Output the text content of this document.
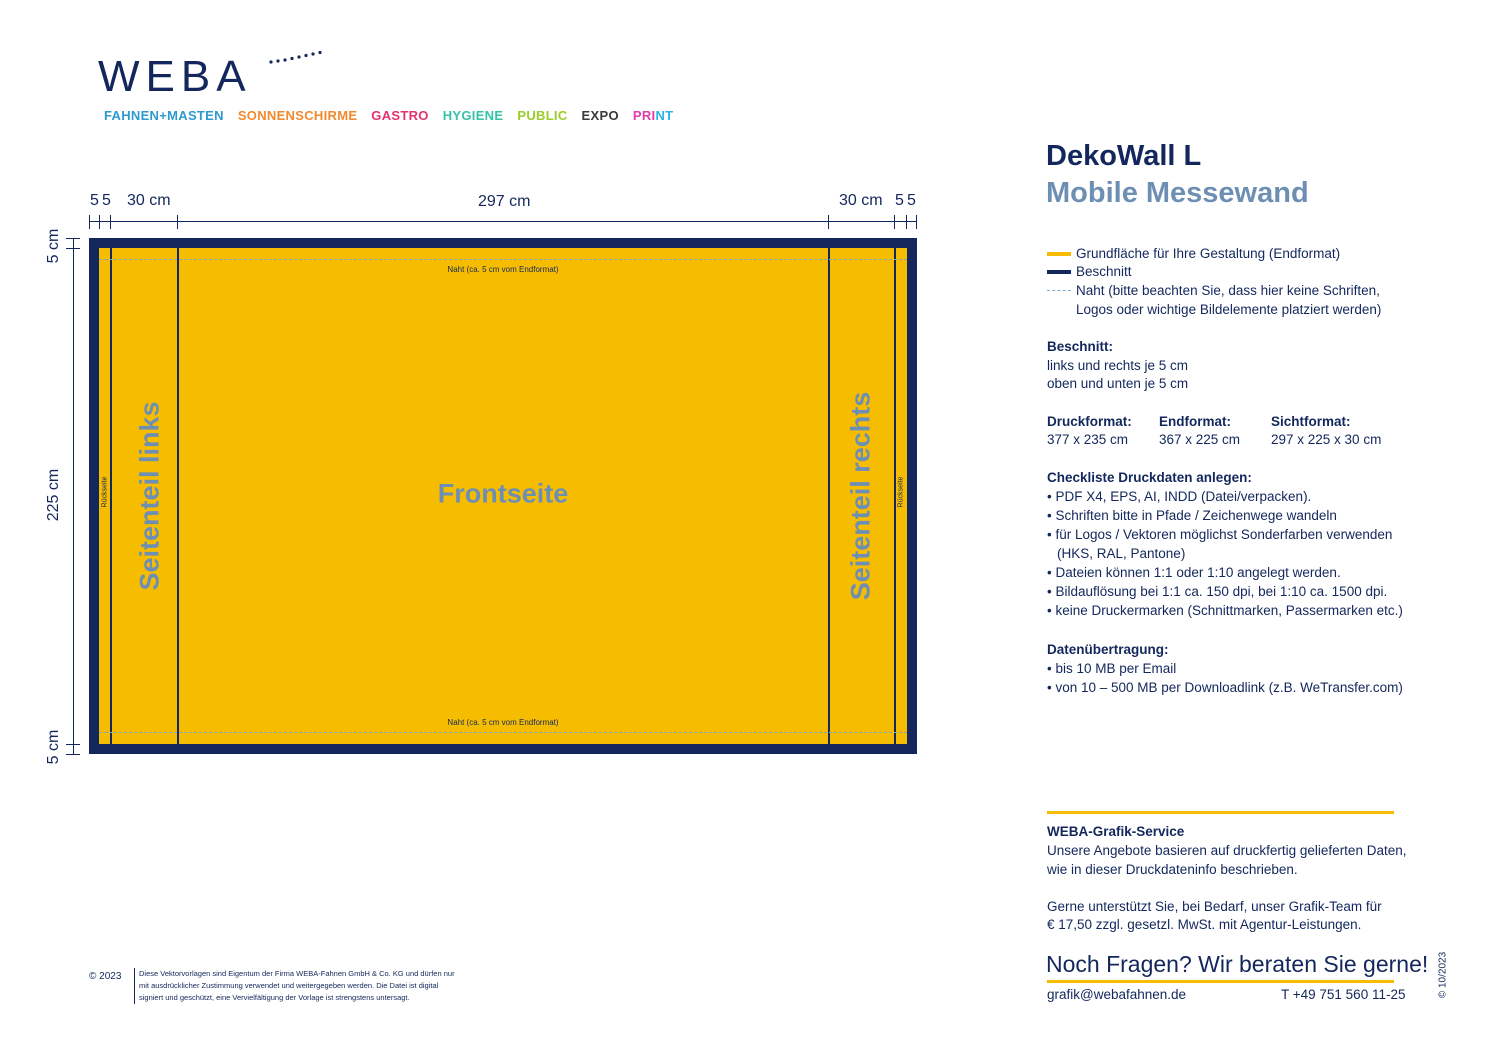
WEBA
FAHNEN+MASTEN SONNENSCHIRME GASTRO HYGIENE PUBLIC EXPO PRINT
5 5 30 cm	297 cm	30 cm 5 5
5 cm
225 cm
5 cm
Naht (ca. 5 cm vom Endformat)
Naht (ca. 5 cm vom Endformat)
Rückseite	Rückseite
Seitenteil links	Seitenteil rechts
Frontseite
DekoWall L
Mobile Messewand
Grundfläche für Ihre Gestaltung (Endformat)
Beschnitt
Naht (bitte beachten Sie, dass hier keine Schriften,
Logos oder wichtige Bildelemente platziert werden)
Beschnitt:
links und rechts je 5 cm
oben und unten je 5 cm
Druckformat:
377 x 235 cm
Endformat:
367 x 225 cm
Sichtformat:
297 x 225 x 30 cm
Checkliste Druckdaten anlegen:
• PDF X4, EPS, AI, INDD (Datei/verpacken).
• Schriften bitte in Pfade / Zeichenwege wandeln
• für Logos / Vektoren möglichst Sonderfarben verwenden
(HKS, RAL, Pantone)
• Dateien können 1:1 oder 1:10 angelegt werden.
• Bildauflösung bei 1:1 ca. 150 dpi, bei 1:10 ca. 1500 dpi.
• keine Druckermarken (Schnittmarken, Passermarken etc.)
Datenübertragung:
• bis 10 MB per Email
• von 10 – 500 MB per Downloadlink (z.B. WeTransfer.com)
WEBA-Grafik-Service
Unsere Angebote basieren auf druckfertig gelieferten Daten,
wie in dieser Druckdateninfo beschrieben.
Gerne unterstützt Sie, bei Bedarf, unser Grafik-Team für
€ 17,50 zzgl. gesetzl. MwSt. mit Agentur-Leistungen.
Noch Fragen? Wir beraten Sie gerne!
grafik@webafahnen.de	T +49 751 560 11-25	© 10/2023
© 2023	Diese Vektorvorlagen sind Eigentum der Firma WEBA-Fahnen GmbH & Co. KG und dürfen nur mit ausdrücklicher Zustimmung verwendet und weitergegeben werden. Die Datei ist digital signiert und geschützt, eine Vervielfältigung der Vorlage ist strengstens untersagt.
